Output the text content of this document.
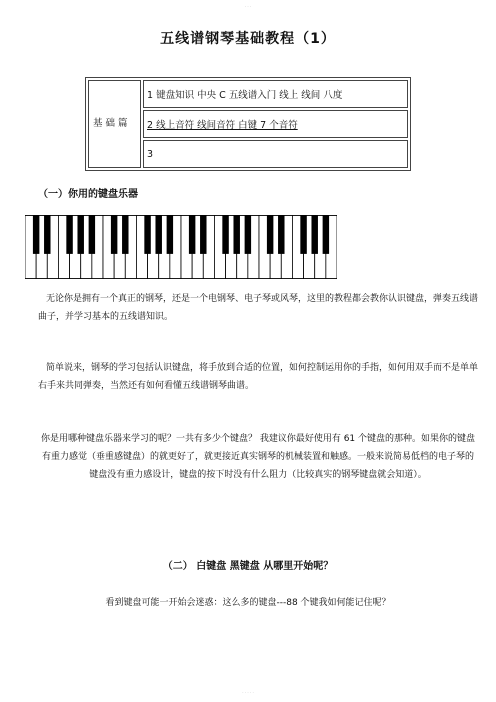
· · ·
五线谱钢琴基础教程（1）
基 础 篇	1 键盘知识 中央 C 五线谱入门 线上 线间 八度
2 线上音符 线间音符 白键 7 个音符
3
（一）你用的键盘乐器
无论你是拥有一个真正的钢琴，还是一个电钢琴、电子琴或风琴，这里的教程都会教你认识键盘，弹奏五线谱曲子，并学习基本的五线谱知识。
简单说来，钢琴的学习包括认识键盘，将手放到合适的位置，如何控制运用你的手指，如何用双手而不是单单右手来共同弹奏，当然还有如何看懂五线谱钢琴曲谱。
你是用哪种键盘乐器来学习的呢？一共有多少个键盘？ 我建议你最好使用有 61 个键盘的那种。如果你的键盘有重力感觉（垂重感键盘）的就更好了，就更接近真实钢琴的机械装置和触感。一般来说简易低档的电子琴的键盘没有重力感设计，键盘的按下时没有什么阻力（比较真实的钢琴键盘就会知道）。
（二） 白键盘 黑键盘 从哪里开始呢？
看到键盘可能一开始会迷惑：这么多的键盘---88 个键我如何能记住呢？
· · · · ·
